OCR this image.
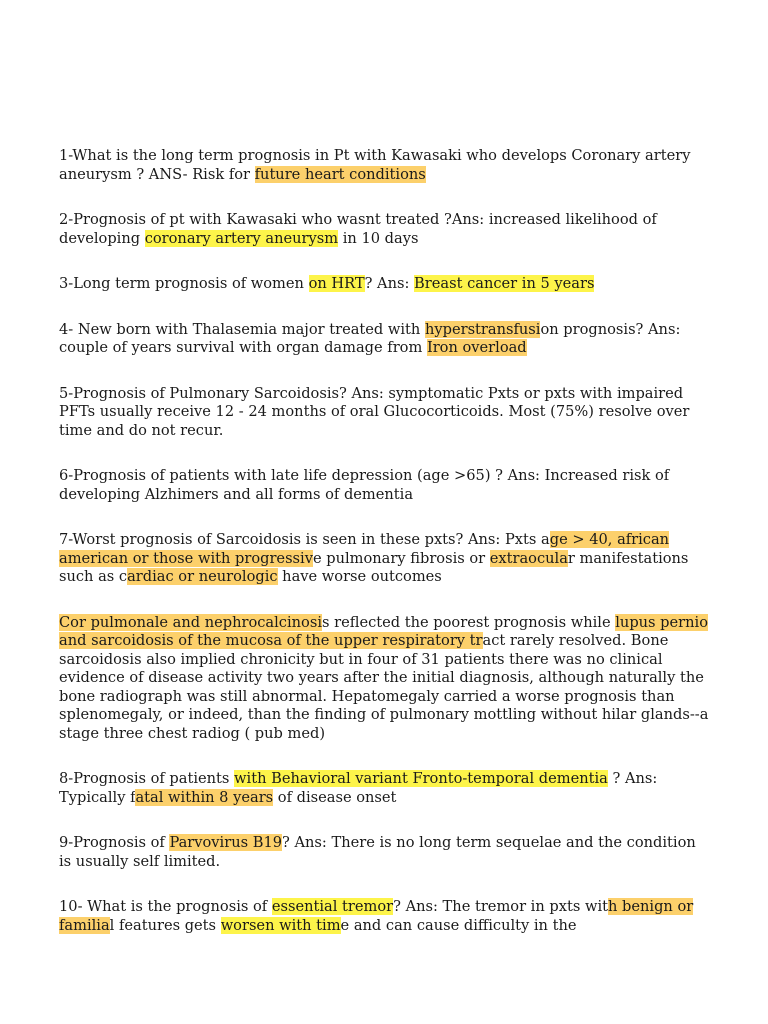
1-What is the long term prognosis in Pt with Kawasaki who develops Coronary artery aneurysm ? ANS- Risk for future heart conditions

2-Prognosis of pt with Kawasaki who wasnt treated ?Ans: increased likelihood of developing coronary artery aneurysm in 10 days

3-Long term prognosis of women on HRT? Ans: Breast cancer in 5 years

4- New born with Thalasemia major treated with hyperstransfusion prognosis? Ans: couple of years survival with organ damage from Iron overload

5-Prognosis of Pulmonary Sarcoidosis? Ans: symptomatic Pxts or pxts with impaired PFTs usually receive 12 - 24 months of oral Glucocorticoids. Most (75%) resolve over time and do not recur.

6-Prognosis of patients with late life depression (age >65) ? Ans: Increased risk of developing Alzhimers and all forms of dementia

7-Worst prognosis of Sarcoidosis is seen in these pxts? Ans: Pxts age > 40, african american or those with progressive pulmonary fibrosis or extraocular manifestations such as cardiac or neurologic have worse outcomes

Cor pulmonale and nephrocalcinosis reflected the poorest prognosis while lupus pernio and sarcoidosis of the mucosa of the upper respiratory tract rarely resolved. Bone sarcoidosis also implied chronicity but in four of 31 patients there was no clinical evidence of disease activity two years after the initial diagnosis, although naturally the bone radiograph was still abnormal. Hepatomegaly carried a worse prognosis than splenomegaly, or indeed, than the finding of pulmonary mottling without hilar glands--a stage three chest radiog ( pub med)

8-Prognosis of patients with Behavioral variant Fronto-temporal dementia ? Ans: Typically fatal within 8 years of disease onset

9-Prognosis of Parvovirus B19? Ans: There is no long term sequelae and the condition is usually self limited.

10- What is the prognosis of essential tremor? Ans: The tremor in pxts with benign or familial features gets worsen with time and can cause difficulty in the
